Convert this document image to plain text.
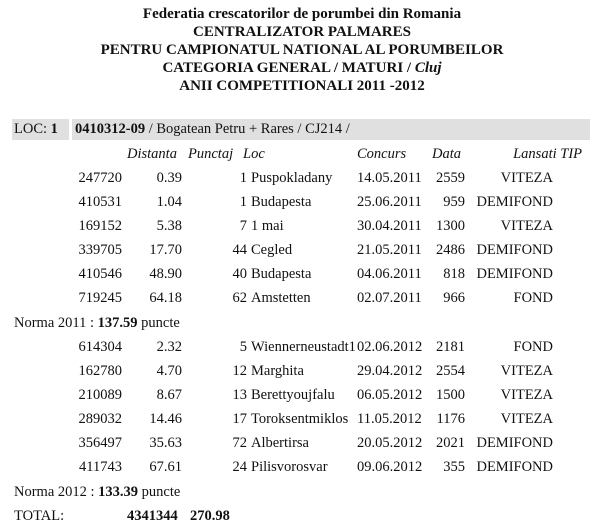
Federatia crescatorilor de porumbei din Romania
CENTRALIZATOR PALMARES
PENTRU CAMPIONATUL NATIONAL AL PORUMBEILOR
CATEGORIA GENERAL / MATURI / Cluj
ANII COMPETITIONALI 2011 -2012
LOC: 1 0410312-09 / Bogatean Petru + Rares / CJ214 /
Distanta Punctaj Loc	Concurs Data	Lansati TIP
247720 0.39	1 Puspokladany 14.05.2011 2559 VITEZA
410531 1.04	1 Budapesta	25.06.2011 959 DEMIFOND
169152 5.38	7 1 mai	30.04.2011 1300 VITEZA
339705 17.70	44 Cegled	21.05.2011 2486 DEMIFOND
410546 48.90	40 Budapesta	04.06.2011 818 DEMIFOND
719245 64.18	62 Amstetten	02.07.2011 966	FOND
Norma 2011 : 137.59 puncte
614304 2.32	5 Wiennerneustadt1 02.06.2012 2181	FOND
162780 4.70	12 Marghita	29.04.2012 2554 VITEZA
210089 8.67	13 Berettyoujfalu 06.05.2012 1500 VITEZA
289032 14.46	17 Toroksentmiklos 11.05.2012 1176 VITEZA
356497 35.63	72 Albertirsa	20.05.2012 2021 DEMIFOND
411743 67.61	24 Pilisvorosvar 09.06.2012 355 DEMIFOND
Norma 2012 : 133.39 puncte
TOTAL:	4341344 270.98
